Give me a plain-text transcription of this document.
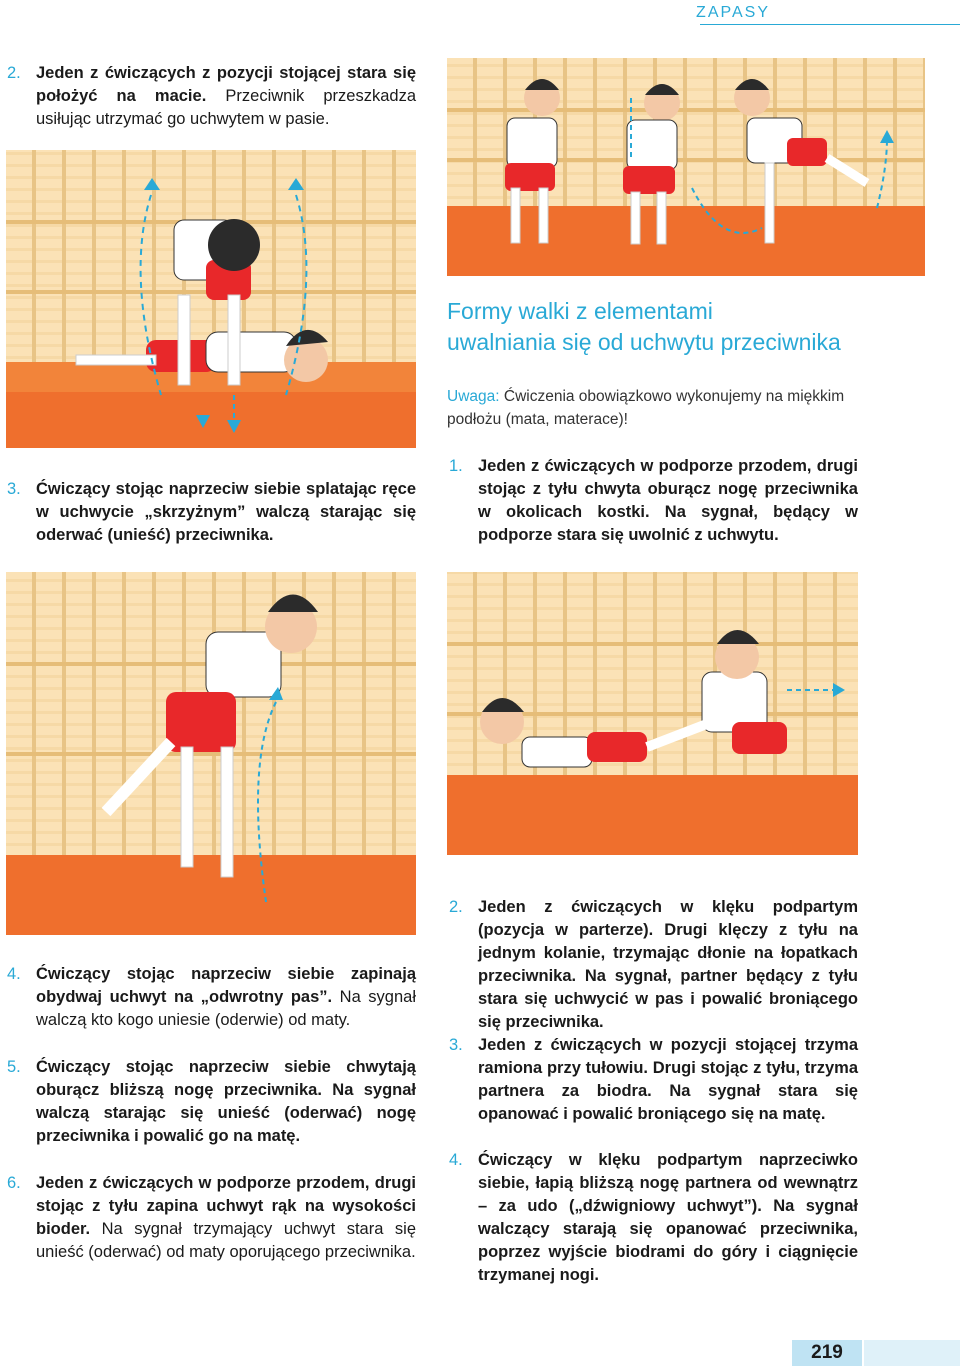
ZAPASY
2. Jeden z ćwiczących z pozycji stojącej stara się położyć na macie. Przeciwnik przeszkadza usiłując utrzymać go uchwytem w pasie.
3. Ćwiczący stojąc naprzeciw siebie splatając ręce w uchwycie „skrzyżnym” walczą starając się oderwać (unieść) przeciwnika.
Formy walki z elementami
uwalniania się od uchwytu przeciwnika
Uwaga: Ćwiczenia obowiązkowo wykonujemy na miękkim podłożu (mata, materace)!
1. Jeden z ćwiczących w podporze przodem, drugi stojąc z tyłu chwyta oburącz nogę przeciwnika w okolicach kostki. Na sygnał, będący w podporze stara się uwolnić z uchwytu.
4. Ćwiczący stojąc naprzeciw siebie zapinają obydwaj uchwyt na „odwrotny pas”. Na sygnał walczą kto kogo uniesie (oderwie) od maty.
5. Ćwiczący stojąc naprzeciw siebie chwytają oburącz bliższą nogę przeciwnika. Na sygnał walczą starając się unieść (oderwać) nogę przeciwnika i powalić go na matę.
6. Jeden z ćwiczących w podporze przodem, drugi stojąc z tyłu zapina uchwyt rąk na wysokości bioder. Na sygnał trzymający uchwyt stara się unieść (oderwać) od maty oporującego przeciwnika.
2. Jeden z ćwiczących w klęku podpartym (pozycja w parterze). Drugi klęczy z tyłu na jednym kolanie, trzymając dłonie na łopatkach przeciwnika. Na sygnał, partner będący z tyłu stara się uchwycić w pas i powalić broniącego się przeciwnika.
3. Jeden z ćwiczących w pozycji stojącej trzyma ramiona przy tułowiu. Drugi stojąc z tyłu, trzyma partnera za biodra. Na sygnał stara się opanować i powalić broniącego się na matę.
4. Ćwiczący w klęku podpartym naprzeciwko siebie, łapią bliższą nogę partnera od wewnątrz – za udo („dźwigniowy uchwyt”). Na sygnał walczący starają się opanować przeciwnika, poprzez wyjście biodrami do góry i ciągnięcie trzymanej nogi.
219
